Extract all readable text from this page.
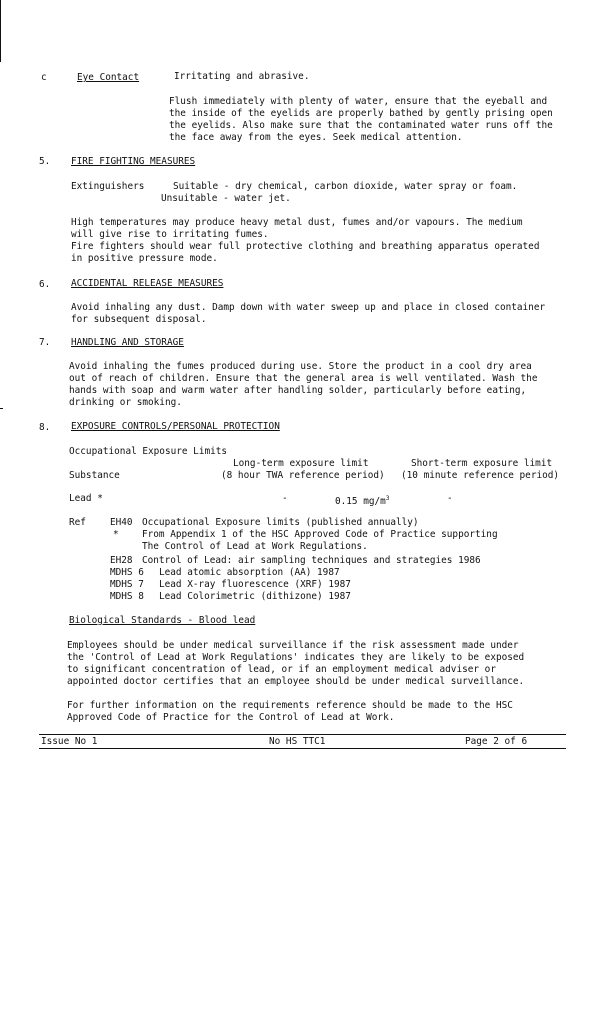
c	Eye Contact	Irritating and abrasive.
Flush immediately with plenty of water, ensure that the eyeball and
the inside of the eyelids are properly bathed by gently prising open
the eyelids. Also make sure that the contaminated water runs off the
the face away from the eyes. Seek medical attention.
5. FIRE FIGHTING MEASURES
Extinguishers	Suitable - dry chemical, carbon dioxide, water spray or foam.
Unsuitable - water jet.
High temperatures may produce heavy metal dust, fumes and/or vapours. The medium
will give rise to irritating fumes.
Fire fighters should wear full protective clothing and breathing apparatus operated
in positive pressure mode.
6. ACCIDENTAL RELEASE MEASURES
Avoid inhaling any dust. Damp down with water sweep up and place in closed container
for subsequent disposal.
7. HANDLING AND STORAGE
Avoid inhaling the fumes produced during use. Store the product in a cool dry area
out of reach of children. Ensure that the general area is well ventilated. Wash the
hands with soap and warm water after handling solder, particularly before eating,
drinking or smoking.
8. EXPOSURE CONTROLS/PERSONAL PROTECTION
Occupational Exposure Limits
Long-term exposure limit	Short-term exposure limit
Substance	(8 hour TWA reference period) (10 minute reference period)
Lead *	-	0.15 $mg/m^3$	-
Ref	EH40 Occupational Exposure limits (published annually)
* From Appendix 1 of the HSC Approved Code of Practice supporting
The Control of Lead at Work Regulations.
EH28 Control of Lead: air sampling techniques and strategies 1986
MDHS 6 Lead atomic absorption (AA) 1987
MDHS 7 Lead X-ray fluorescence (XRF) 1987
MDHS 8 Lead Colorimetric (dithizone) 1987
Biological Standards - Blood lead
Employees should be under medical surveillance if the risk assessment made under
the 'Control of Lead at Work Regulations' indicates they are likely to be exposed
to significant concentration of lead, or if an employment medical adviser or
appointed doctor certifies that an employee should be under medical surveillance.
For further information on the requirements reference should be made to the HSC
Approved Code of Practice for the Control of Lead at Work.
Issue No 1	No HS TTC1	Page 2 of 6
